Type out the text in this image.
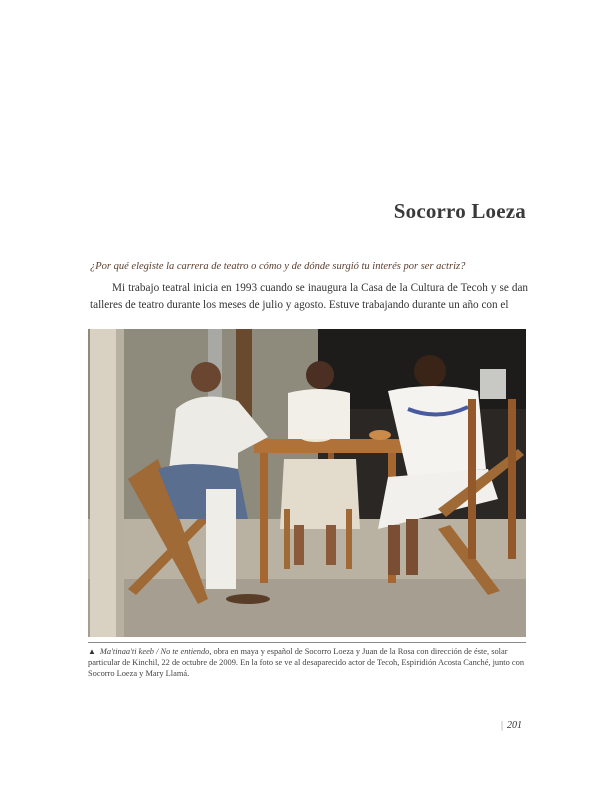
Socorro Loeza
¿Por qué elegiste la carrera de teatro o cómo y de dónde surgió tu interés por ser actriz?

Mi trabajo teatral inicia en 1993 cuando se inaugura la Casa de la Cultura de Tecoh y se dan talleres de teatro durante los meses de julio y agosto. Estuve trabajando durante un año con el

▲ Ma'tinaa'ti keeb / No te entiendo, obra en maya y español de Socorro Loeza y Juan de la Rosa con dirección de éste, solar particular de Kinchil, 22 de octubre de 2009. En la foto se ve al desaparecido actor de Tecoh, Espiridión Acosta Canché, junto con Socorro Loeza y Mary Llamá.

| 201
